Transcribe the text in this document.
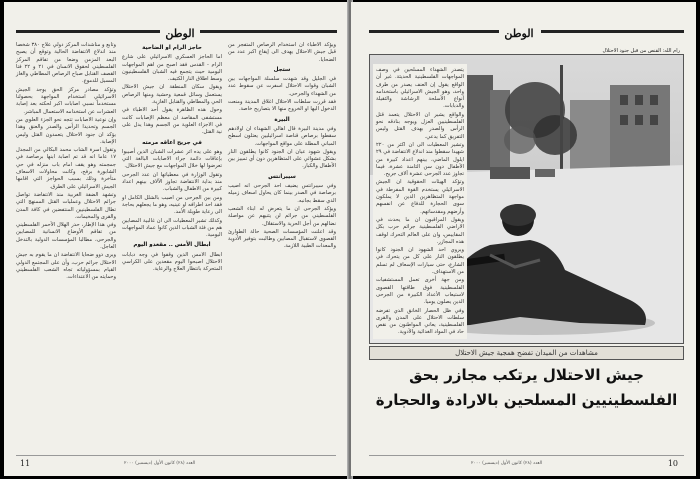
الوطن

وتابع و مناشدات المركز دولي علاج ٣٨٠ شخصا منذ اندلاع الانتفاضة الحالية وتوقع أن يصبح البعد المزمن وضعا من تفاقم المركز الفلسطيني لحقوق الانسان في ٢١ و ٢٢ فتا القصف القنابل صباح الرصاص المطاطي والغاز المسيل للدموع.

وتؤكد مصادر مركز الحق يوجد الجيش الاسرائيلي استخدام المواجهة بحصولنا مستخدماً نسبي اصابات اكبر لحكته بعد إصابة العشرات عن استخدامه الاستعمال المباشر.

وإن نوعية الاصابات تتجه نحو الجزء العلوي من الجسم وتحديدا الرأس والصدر والعنق وهذا يؤكد ان جنود الاحتلال يتعمدون القتل وليس الإصابة.

وتقول اسرة الشاب محمد البكالي من المجدل ١٧ عاما انه قد تم اصابة ابنها برصاصة في جمجمته وهو يقف امام باب منزله في حي الشابورة برفح، وكانت محاولات الاسعاف متأخرة وذلك بسبب الحواجز التي اقامها الجيش الاسرائيلي على الطرق.

وتشهد الضفة الغربية منذ الانتفاضة تواصل جرائم الاحتلال وعمليات القتل الممنهج التي تطال الفلسطينيين المنتفضين في كافة المدن والقرى والمخيمات.

وفي هذا الإطار، حذر الهلال الأحمر الفلسطيني من تفاقم الأوضاع الانسانية للمصابين والجرحى، مطالبا المؤسسات الدولية بالتدخل العاجل.

ويرى ذوو ضحايا الانتفاضة ان ما يقوم به جيش الاحتلال جرائم حرب، وأن على المجتمع الدولي القيام بمسؤولياته تجاه الشعب الفلسطيني وحمايته من الاعتداءات.

حاجز الرام او الضاحية

اما الحاجز العسكري الاسرائيلي على شارع الرام - القدس فقد اصبح من اهم المواجهات اليومية حيث يتجمع فيه الشبان الفلسطينيون وسط اطلاق النار الكثيف.

ويقول سكان المنطقة ان جيش الاحتلال يستعمل وسائل قمعية وحشية ومنها الرصاص الحي والمطاطي والقنابل الغازية.

وحول هذه الظاهرة يقول أحد الاطباء في مستشفى المقاصد ان معظم الإصابات كانت في الاجزاء العلوية من الجسم وهذا يدل على نية القتل.

في جريح اعاقه مرمته

وهو على يده اثر عشرات الشبان الذين أصيبوا بإعاقات دائمة جراء الاصابات البالغة التي تعرضوا لها خلال المواجهات مع جيش الاحتلال.

وتقول الوزارة في معطياتها ان عدد الجرحى منذ بداية الانتفاضة تجاوز الآلاف بينهم اعداد كبيرة من الاطفال والشباب.

ومن بين الجرحى من اصيب بالشلل الكامل او فقد احد اطرافه او عينيه، وهو ما يجعلهم بحاجة الى رعاية طويلة الأمد.

وكذلك تشير المعطيات الى ان غالبية المصابين هم من فئة الشباب الذين كانوا عماد المواجهات اليومية.

ابطال الأمس .. مقعدو اليوم

ابطال الامس الذين وقفوا في وجه دبابات الاحتلال اصبحوا اليوم مقعدين على الكراسي المتحركة بانتظار العلاج والرعاية.

ويؤكد الاطباء ان استخدام الرصاص المتفجر من قبل جيش الاحتلال يهدف الى إيقاع اكبر عدد من الضحايا.

ستجل

في الجليل وقد شهدت سلسلة المواجهات بين الشبان وقوات الاحتلال اسفرت عن سقوط عدد من الشهداء والجرحى.

فقد قررت سلطات الاحتلال اغلاق المدينة ومنعت الدخول اليها او الخروج منها الا بتصاريح خاصة.

البيرة

وفي مدينة البيرة قال اهالي الشهداء ان اولادهم سقطوا برصاص قناصة اسرائيليين يعتلون اسطح المباني المطلة على مواقع المواجهات.

ويقول شهود عيان ان الجنود كانوا يطلقون النار بشكل عشوائي على المتظاهرين دون أي تمييز بين الأطفال والكبار.

سيبرانتس

وفي سيبرانتس يضيف احد الجرحى انه اصيب برصاصة في الصدر بينما كان يحاول اسعاف زميله الذي سقط بجانبه.

ويؤكد الجرحى ان ما يتعرض له ابناء الشعب الفلسطيني من جرائم لن يثنيهم عن مواصلة نضالهم من أجل الحرية والاستقلال.

وقد اعلنت المؤسسات الصحية حالة الطوارئ القصوى لاستقبال المصابين وطالبت بتوفير الأدوية والمعدات الطبية اللازمة.

11	العدد (٢٨) كانون الأول (ديسمبر) ٢٠٠٠
الوطن
رام الله: القنص من قبل جنود الاحتلال

يتصدر الشهداء المسلحين في وصف المواجهات الفلسطينية الحديثة. غير أن الواقع يقول إن العنف يصدر من طرف واحد، وهو الجيش الاسرائيلي باستخدامه أنواع الأسلحة الرشاشة والثقيلة والدبابات.

والواقع يشير ان الاحتلال يتعمد قتل الفلسطينيين العزل ويوجه بنادقه نحو الرأس والصدر بهدف القتل وليس التفريق كما يدعي.

وتشير المعطيات الى ان اكثر من ٢٢٠ شهيدا سقطوا منذ اندلاع الانتفاضة في ٢٩ ايلول الماضي، بينهم اعداد كبيرة من الأطفال دون سن الثامنة عشرة، فيما تجاوز عدد الجرحى عشرة آلاف جريح.

وتؤكد الهيئات الحقوقية ان الجيش الاسرائيلي يستخدم القوة المفرطة في مواجهة المتظاهرين الذين لا يملكون سوى الحجارة للدفاع عن انفسهم وأرضهم ومقدساتهم.

ويقول المراقبون ان ما يحدث في الاراضي الفلسطينية جرائم حرب بكل المقاييس، وان على العالم التحرك لوقف هذه المجازر.

ويروي احد الشهود ان الجنود كانوا يطلقون النار على كل من يتحرك في الشارع، حتى سيارات الإسعاف لم تسلم من الاستهداف.

ومن جهة أخرى تعمل المستشفيات الفلسطينية فوق طاقتها القصوى لاستيعاب الأعداد الكبيرة من الجرحى الذين يصلون يوميا.

وفي ظل الحصار الخانق الذي تفرضه سلطات الاحتلال على المدن والقرى الفلسطينية، يعاني المواطنون من نقص حاد في المواد الغذائية والأدوية.

مشاهدات من الميدان تفضح همجية جيش الاحتلال
جيش الاحتلال يرتكب مجازر بحق
الفلسطينيين المسلحين بالارادة والحجارة
10
العدد (٢٨) كانون الأول (ديسمبر) ٢٠٠٠
